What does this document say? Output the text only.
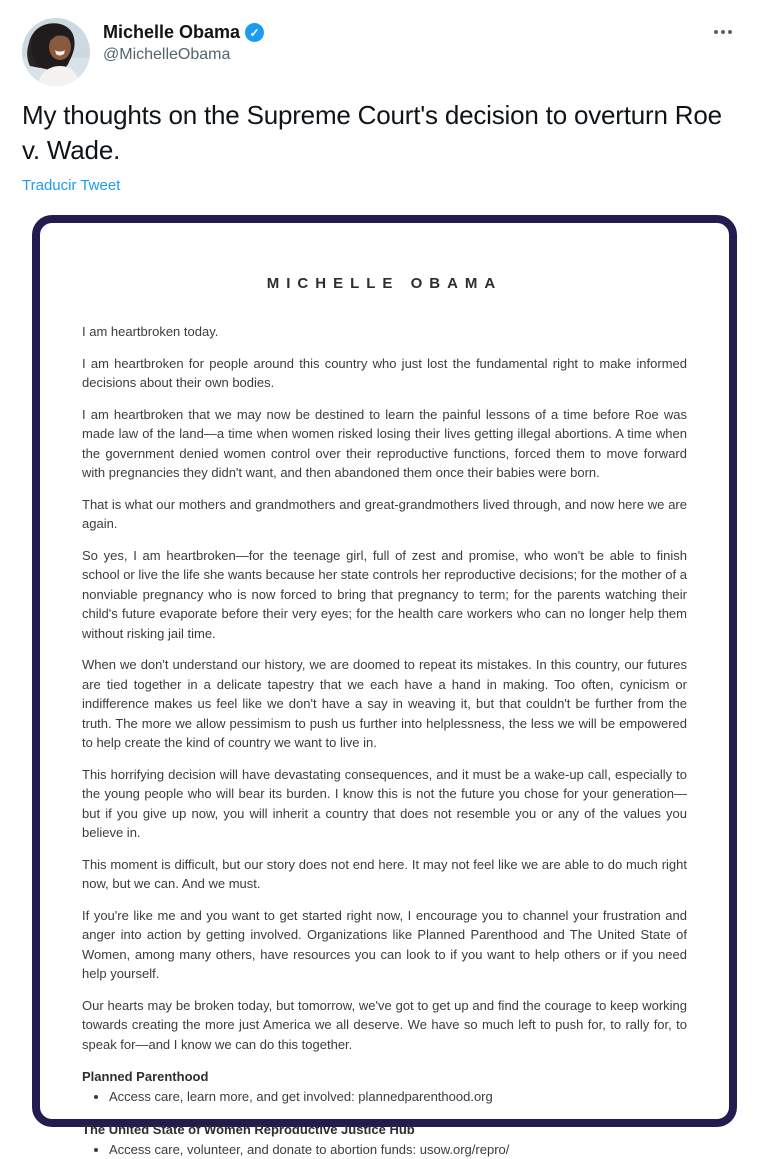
Michelle Obama ✓
@MichelleObama
My thoughts on the Supreme Court's decision to overturn Roe v. Wade.
Traducir Tweet
MICHELLE OBAMA

I am heartbroken today.

I am heartbroken for people around this country who just lost the fundamental right to make informed decisions about their own bodies.

I am heartbroken that we may now be destined to learn the painful lessons of a time before Roe was made law of the land—a time when women risked losing their lives getting illegal abortions. A time when the government denied women control over their reproductive functions, forced them to move forward with pregnancies they didn't want, and then abandoned them once their babies were born.

That is what our mothers and grandmothers and great-grandmothers lived through, and now here we are again.

So yes, I am heartbroken—for the teenage girl, full of zest and promise, who won't be able to finish school or live the life she wants because her state controls her reproductive decisions; for the mother of a nonviable pregnancy who is now forced to bring that pregnancy to term; for the parents watching their child's future evaporate before their very eyes; for the health care workers who can no longer help them without risking jail time.

When we don't understand our history, we are doomed to repeat its mistakes. In this country, our futures are tied together in a delicate tapestry that we each have a hand in making. Too often, cynicism or indifference makes us feel like we don't have a say in weaving it, but that couldn't be further from the truth. The more we allow pessimism to push us further into helplessness, the less we will be empowered to help create the kind of country we want to live in.

This horrifying decision will have devastating consequences, and it must be a wake-up call, especially to the young people who will bear its burden. I know this is not the future you chose for your generation—but if you give up now, you will inherit a country that does not resemble you or any of the values you believe in.

This moment is difficult, but our story does not end here. It may not feel like we are able to do much right now, but we can. And we must.

If you're like me and you want to get started right now, I encourage you to channel your frustration and anger into action by getting involved. Organizations like Planned Parenthood and The United State of Women, among many others, have resources you can look to if you want to help others or if you need help yourself.

Our hearts may be broken today, but tomorrow, we've got to get up and find the courage to keep working towards creating the more just America we all deserve. We have so much left to push for, to rally for, to speak for—and I know we can do this together.

Planned Parenthood
• Access care, learn more, and get involved: plannedparenthood.org
The United State of Women Reproductive Justice Hub
• Access care, volunteer, and donate to abortion funds: usow.org/repro/
